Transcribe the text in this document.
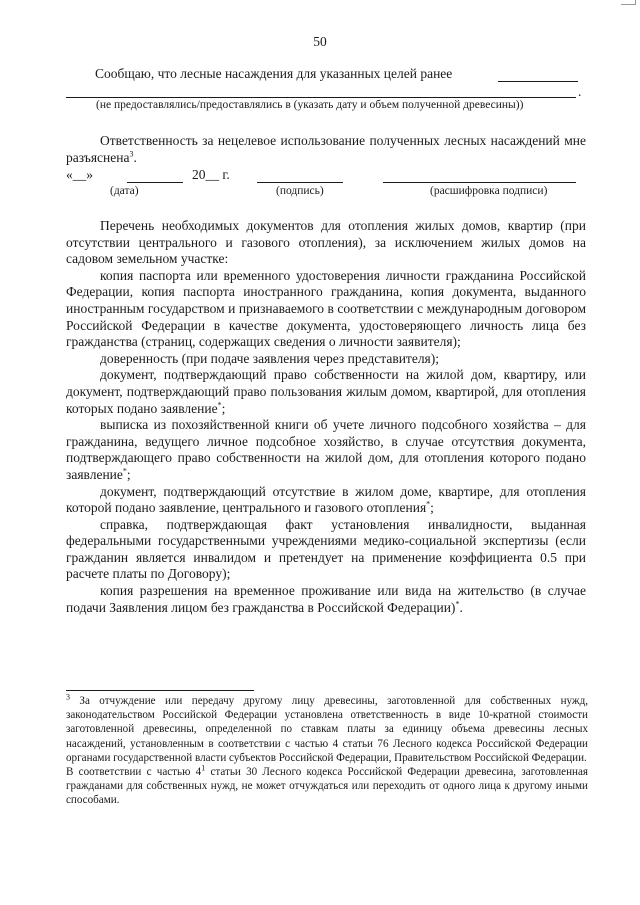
50
Сообщаю, что лесные насаждения для указанных целей ранее
.
(не предоставлялись/предоставлялись в (указать дату и объем полученной древесины))

Ответственность за нецелевое использование полученных лесных насаждений мне разъяснена$^3$.

«__»	20__ г.
(дата)	(подпись)	(расшифровка подписи)

Перечень необходимых документов для отопления жилых домов, квартир (при отсутствии центрального и газового отопления), за исключением жилых домов на садовом земельном участке:

копия паспорта или временного удостоверения личности гражданина Российской Федерации, копия паспорта иностранного гражданина, копия документа, выданного иностранным государством и признаваемого в соответствии с международным договором Российской Федерации в качестве документа, удостоверяющего личность лица без гражданства (страниц, содержащих сведения о личности заявителя);

доверенность (при подаче заявления через представителя);

документ, подтверждающий право собственности на жилой дом, квартиру, или документ, подтверждающий право пользования жилым домом, квартирой, для отопления которых подано заявление*;

выписка из похозяйственной книги об учете личного подсобного хозяйства – для гражданина, ведущего личное подсобное хозяйство, в случае отсутствия документа, подтверждающего право собственности на жилой дом, для отопления которого подано заявление*;

документ, подтверждающий отсутствие в жилом доме, квартире, для отопления которой подано заявление, центрального и газового отопления*;

справка, подтверждающая факт установления инвалидности, выданная федеральными государственными учреждениями медико-социальной экспертизы (если гражданин является инвалидом и претендует на применение коэффициента 0.5 при расчете платы по Договору);

копия разрешения на временное проживание или вида на жительство (в случае подачи Заявления лицом без гражданства в Российской Федерации)*.

$^3$ За отчуждение или передачу другому лицу древесины, заготовленной для собственных нужд, законодательством Российской Федерации установлена ответственность в виде 10-кратной стоимости заготовленной древесины, определенной по ставкам платы за единицу объема древесины лесных насаждений, установленным в соответствии с частью 4 статьи 76 Лесного кодекса Российской Федерации органами государственной власти субъектов Российской Федерации, Правительством Российской Федерации.

В соответствии с частью $4^1$ статьи 30 Лесного кодекса Российской Федерации древесина, заготовленная гражданами для собственных нужд, не может отчуждаться или переходить от одного лица к другому иными способами.
